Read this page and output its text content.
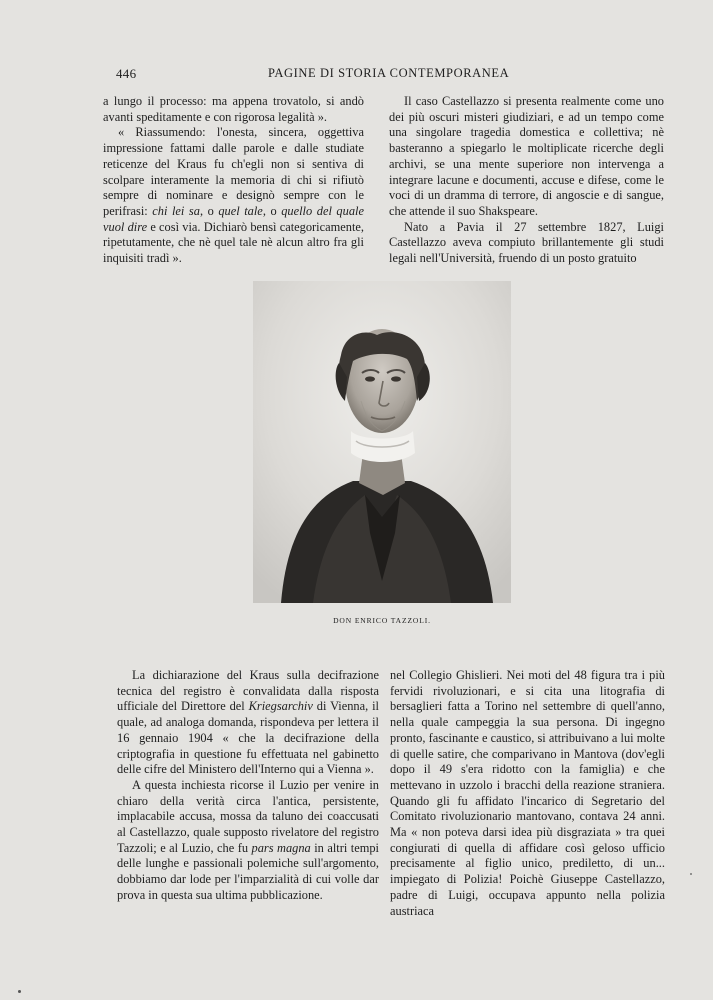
446	PAGINE DI STORIA CONTEMPORANEA

a lungo il processo: ma appena trovatolo, si andò avanti speditamente e con rigorosa legalità ».

« Riassumendo: l'onesta, sincera, oggettiva impressione fattami dalle parole e dalle studiate reticenze del Kraus fu ch'egli non si sentiva di scolpare interamente la memoria di chi si rifiutò sempre di nominare e designò sempre con le perifrasi: chi lei sa, o quel tale, o quello del quale vuol dire e così via. Dichiarò bensì categoricamente, ripetutamente, che nè quel tale nè alcun altro fra gli inquisiti tradì ».

Il caso Castellazzo si presenta realmente come uno dei più oscuri misteri giudiziari, e ad un tempo come una singolare tragedia domestica e collettiva; nè basteranno a spiegarlo le moltiplicate ricerche degli archivi, se una mente superiore non intervenga a integrare lacune e documenti, accuse e difese, come le voci di un dramma di terrore, di angoscie e di sangue, che attende il suo Shakspeare.

Nato a Pavia il 27 settembre 1827, Luigi Castellazzo aveva compiuto brillantemente gli studi legali nell'Università, fruendo di un posto gratuito

DON ENRICO TAZZOLI.

La dichiarazione del Kraus sulla decifrazione tecnica del registro è convalidata dalla risposta ufficiale del Direttore del Kriegsarchiv di Vienna, il quale, ad analoga domanda, rispondeva per lettera il 16 gennaio 1904 « che la decifrazione della criptografia in questione fu effettuata nel gabinetto delle cifre del Ministero dell'Interno qui a Vienna ».

A questa inchiesta ricorse il Luzio per venire in chiaro della verità circa l'antica, persistente, implacabile accusa, mossa da taluno dei coaccusati al Castellazzo, quale supposto rivelatore del registro Tazzoli; e al Luzio, che fu pars magna in altri tempi delle lunghe e passionali polemiche sull'argomento, dobbiamo dar lode per l'imparzialità di cui volle dar prova in questa sua ultima pubblicazione.

nel Collegio Ghislieri. Nei moti del 48 figura tra i più fervidi rivoluzionari, e si cita una litografia di bersaglieri fatta a Torino nel settembre di quell'anno, nella quale campeggia la sua persona. Di ingegno pronto, fascinante e caustico, si attribuivano a lui molte di quelle satire, che comparivano in Mantova (dov'egli dopo il 49 s'era ridotto con la famiglia) e che mettevano in uzzolo i bracchi della reazione straniera. Quando gli fu affidato l'incarico di Segretario del Comitato rivoluzionario mantovano, contava 24 anni. Ma « non poteva darsi idea più disgraziata » tra quei congiurati di quella di affidare così geloso ufficio precisamente al figlio unico, prediletto, di un... impiegato di Polizia! Poichè Giuseppe Castellazzo, padre di Luigi, occupava appunto nella polizia austriaca
